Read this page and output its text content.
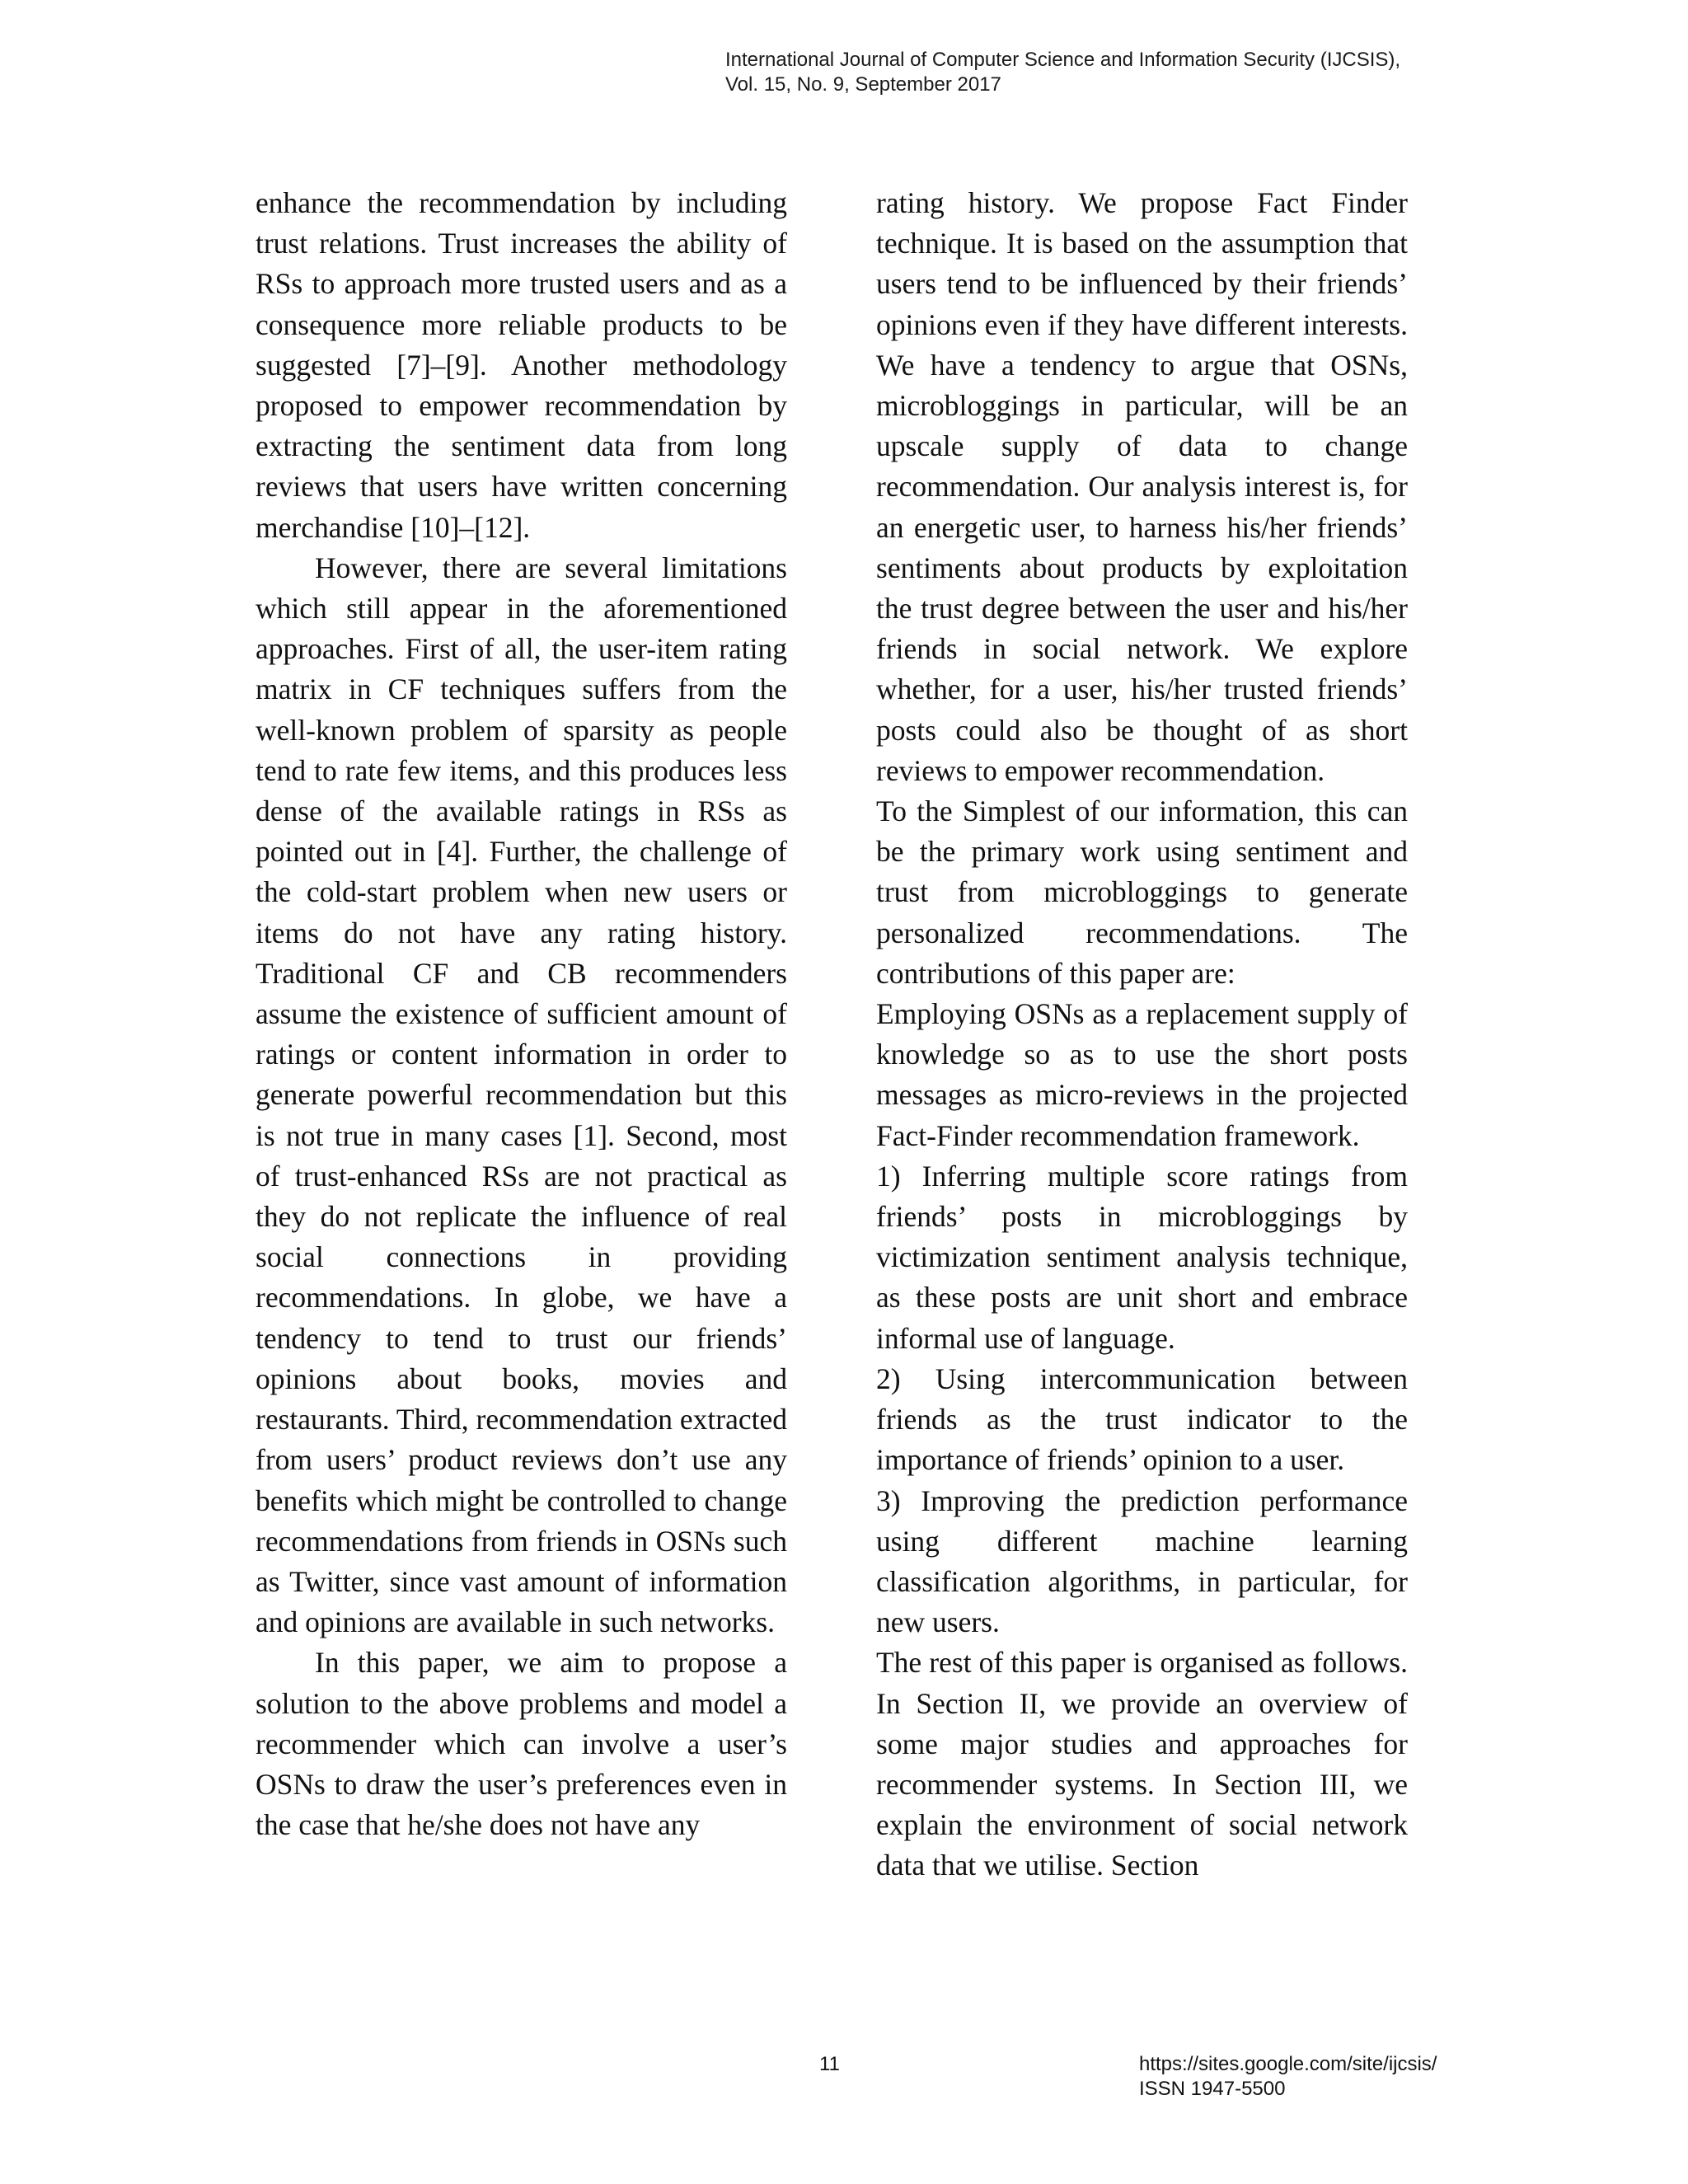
International Journal of Computer Science and Information Security (IJCSIS),
Vol. 15, No. 9, September 2017

enhance the recommendation by including trust relations. Trust increases the ability of RSs to approach more trusted users and as a consequence more reliable products to be suggested [7]–[9]. Another methodology proposed to empower recommendation by extracting the sentiment data from long reviews that users have written concerning merchandise [10]–[12].

However, there are several limitations which still appear in the aforementioned approaches. First of all, the user-item rating matrix in CF techniques suffers from the well-known problem of sparsity as people tend to rate few items, and this produces less dense of the available ratings in RSs as pointed out in [4]. Further, the challenge of the cold-start problem when new users or items do not have any rating history. Traditional CF and CB recommenders assume the existence of sufficient amount of ratings or content information in order to generate powerful recommendation but this is not true in many cases [1]. Second, most of trust-enhanced RSs are not practical as they do not replicate the influence of real social connections in providing recommendations. In globe, we have a tendency to tend to trust our friends’ opinions about books, movies and restaurants. Third, recommendation extracted from users’ product reviews don’t use any benefits which might be controlled to change recommendations from friends in OSNs such as Twitter, since vast amount of information and opinions are available in such networks.

In this paper, we aim to propose a solution to the above problems and model a recommender which can involve a user’s OSNs to draw the user’s preferences even in the case that he/she does not have any

rating history. We propose Fact Finder technique. It is based on the assumption that users tend to be influenced by their friends’ opinions even if they have different interests. We have a tendency to argue that OSNs, microbloggings in particular, will be an upscale supply of data to change recommendation. Our analysis interest is, for an energetic user, to harness his/her friends’ sentiments about products by exploitation the trust degree between the user and his/her friends in social network. We explore whether, for a user, his/her trusted friends’ posts could also be thought of as short reviews to empower recommendation.

To the Simplest of our information, this can be the primary work using sentiment and trust from microbloggings to generate personalized recommendations. The contributions of this paper are:

Employing OSNs as a replacement supply of knowledge so as to use the short posts messages as micro-reviews in the projected Fact-Finder recommendation framework.

1) Inferring multiple score ratings from friends’ posts in microbloggings by victimization sentiment analysis technique, as these posts are unit short and embrace informal use of language.

2) Using intercommunication between friends as the trust indicator to the importance of friends’ opinion to a user.

3) Improving the prediction performance using different machine learning classification algorithms, in particular, for new users.

The rest of this paper is organised as follows. In Section II, we provide an overview of some major studies and approaches for recommender systems. In Section III, we explain the environment of social network data that we utilise. Section

11	https://sites.google.com/site/ijcsis/
ISSN 1947-5500
